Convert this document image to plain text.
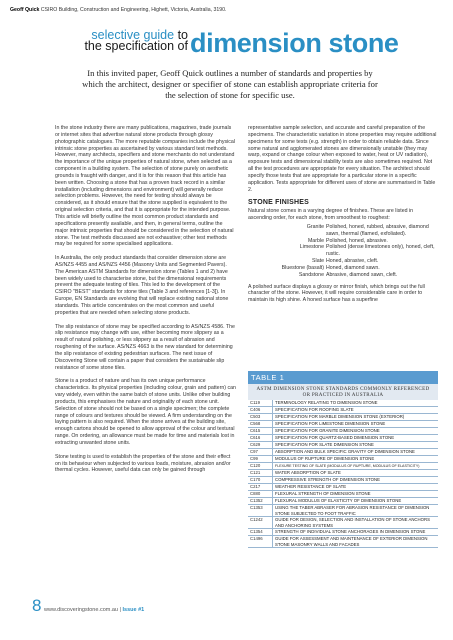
Geoff Quick CSIRO Building, Construction and Engineering, Highett, Victoria, Australia, 3190.
selective guide to
the specification of dimension stone
In this invited paper, Geoff Quick outlines a number of standards and properties by which the architect, designer or specifier of stone can establish appropriate criteria for the selection of stone for specific use.

In the stone industry there are many publications, magazines, trade journals or internet sites that advertise natural stone products through glossy photographic catalogues. The more reputable companies include the physical intrinsic stone properties as ascertained by various standard test methods. However, many architects, specifiers and stone merchants do not understand the importance of the unique properties of natural stone, when selected as a component in a building system. The selection of stone purely on aesthetic grounds is fraught with danger, and it is for this reason that this article has been written. Choosing a stone that has a proven track record in a similar installation (including dimensions and environment) will generally reduce selection problems. However, the need for testing should always be considered, as it should ensure that the stone supplied is equivalent to the original selection criteria, and that it is appropriate for the intended purpose. This article will briefly outline the most common product standards and specifications presently available, and then, in general terms, outline the major intrinsic properties that should be considered in the selection of natural stone. The test methods discussed are not exhaustive; other test methods may be required for some specialised applications.

In Australia, the only product standards that consider dimension stone are AS/NZS 4455 and AS/NZS 4456 (Masonry Units and Segmented Pavers). The American ASTM Standards for dimension stone (Tables 1 and 2) have been widely used to characterise stone, but the dimensional requirements prevent the adequate testing of tiles. This led to the development of the CSIRO "BEST" standards for stone tiles (Table 3 and references [1-3]). In Europe, EN Standards are evolving that will replace existing national stone standards. This article concentrates on the most common and useful properties that are needed when selecting stone products.

The slip resistance of stone may be specified according to AS/NZS 4586. The slip resistance may change with use, either becoming more slippery as a result of natural polishing, or less slippery as a result of abrasion and roughening of the surface. AS/NZS 4663 is the new standard for determining the slip resistance of existing pedestrian surfaces. The next issue of Discovering Stone will contain a paper that considers the sustainable slip resistance of some stone tiles.

Stone is a product of nature and has its own unique performance characteristics. Its physical properties (including colour, grain and pattern) can vary widely, even within the same batch of stone units. Unlike other building products, this emphasises the nature and originality of each stone unit. Selection of stone should not be based on a single specimen; the complete range of colours and textures should be viewed. A firm understanding on the laying pattern is also required. When the stone arrives at the building site, enough cartons should be opened to allow approval of the colour and textural range. On ordering, an allowance must be made for time and materials lost in extracting unwanted stone units.

Stone testing is used to establish the properties of the stone and their effect on its behaviour when subjected to various loads, moisture, abrasion and/or thermal cycles. However, useful data can only be gained through

representative sample selection, and accurate and careful preparation of the specimens. The characteristic variation in stone properties may require additional specimens for some tests (e.g. strength) in order to obtain reliable data. Since some natural and agglomerated stones are dimensionally unstable (they may warp, expand or change colour when exposed to water, heat or UV radiation), exposure tests and dimensional stability tests are also sometimes required. Not all the test procedures are appropriate for every situation. The architect should specify those tests that are appropriate for a particular stone in a specific application. Tests appropriate for different uses of stone are summarised in Table 2.

STONE FINISHES

Natural stone comes in a varying degree of finishes. These are listed in ascending order, for each stone, from smoothest to roughest:

Granite Polished, honed, rubbed, abrasive, diamond sawn, thermal (flamed, exfoliated).
Marble Polished, honed, abrasive.
Limestone Polished (dense limestones only), honed, cleft, rustic.
Slate Honed, abrasive, cleft.
Bluestone (basalt) Honed, diamond sawn.
Sandstone Abrasive, diamond sawn, cleft.

A polished surface displays a glossy or mirror finish, which brings out the full character of the stone. However, it will require considerable care in order to maintain its high shine. A honed surface has a superfine

TABLE 1
ASTM DIMENSION STONE STANDARDS COMMONLY REFERENCED OR PRACTICED IN AUSTRALIA
C119	TERMINOLOGY RELATING TO DIMENSION STONE
C406	SPECIFICATION FOR ROOFING SLATE
C503	SPECIFICATION FOR MARBLE DIMENSION STONE (EXTERIOR)
C568	SPECIFICATION FOR LIMESTONE DIMENSION STONE
C615	SPECIFICATION FOR GRANITE DIMENSION STONE
C616	SPECIFICATION FOR QUARTZ-BASED DIMENSION STONE
C629	SPECIFICATION FOR SLATE DIMENSION STONE
C97	ABSORPTION AND BULK SPECIFIC GRAVITY OF DIMENSION STONE
C99	MODULUS OF RUPTURE OF DIMENSION STONE
C120	FLEXURE TESTING OF SLATE (MODULUS OF RUPTURE, MODULUS OF ELASTICITY)
C121	WATER ABSORPTION OF SLATE
C170	COMPRESSIVE STRENGTH OF DIMENSION STONE
C217	WEATHER RESISTANCE OF SLATE
C880	FLEXURAL STRENGTH OF DIMENSION STONE
C1352	FLEXURAL MODULUS OF ELASTICITY OF DIMENSION STONE
C1353	USING THE TABER ABRASER FOR ABRASION RESISTANCE OF DIMENSION STONE SUBJECTED TO FOOT TRAFFIC
C1242	GUIDE FOR DESIGN, SELECTION AND INSTALLATION OF STONE ANCHORS AND ANCHORING SYSTEMS
C1354	STRENGTH OF INDIVIDUAL STONE ANCHORAGES IN DIMENSION STONE
C1496	GUIDE FOR ASSESSMENT AND MAINTENANCE OF EXTERIOR DIMENSION STONE MASONRY WALLS AND FACADES
8 www.discoveringstone.com.au | Issue #1
